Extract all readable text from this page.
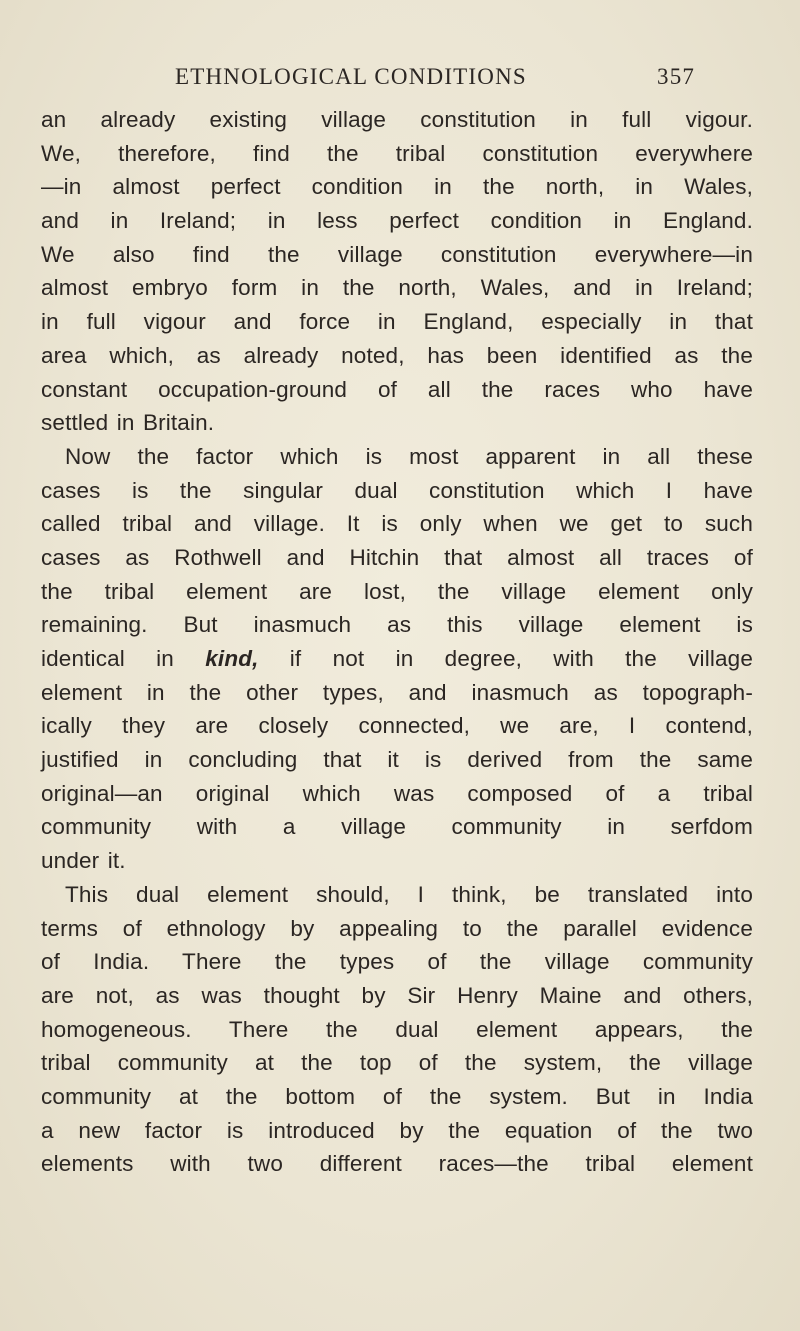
ETHNOLOGICAL CONDITIONS	357
an already existing village constitution in full vigour.
We, therefore, find the tribal constitution everywhere
—in almost perfect condition in the north, in Wales,
and in Ireland; in less perfect condition in England.
We also find the village constitution everywhere—in
almost embryo form in the north, Wales, and in Ireland;
in full vigour and force in England, especially in that
area which, as already noted, has been identified as the
constant occupation-ground of all the races who have
settled in Britain.
Now the factor which is most apparent in all these
cases is the singular dual constitution which I have
called tribal and village. It is only when we get to such
cases as Rothwell and Hitchin that almost all traces of
the tribal element are lost, the village element only
remaining. But inasmuch as this village element is
identical in kind, if not in degree, with the village
element in the other types, and inasmuch as topograph-
ically they are closely connected, we are, I contend,
justified in concluding that it is derived from the same
original—an original which was composed of a tribal
community with a village community in serfdom
under it.
This dual element should, I think, be translated into
terms of ethnology by appealing to the parallel evidence
of India. There the types of the village community
are not, as was thought by Sir Henry Maine and others,
homogeneous. There the dual element appears, the
tribal community at the top of the system, the village
community at the bottom of the system. But in India
a new factor is introduced by the equation of the two
elements with two different races—the tribal element
